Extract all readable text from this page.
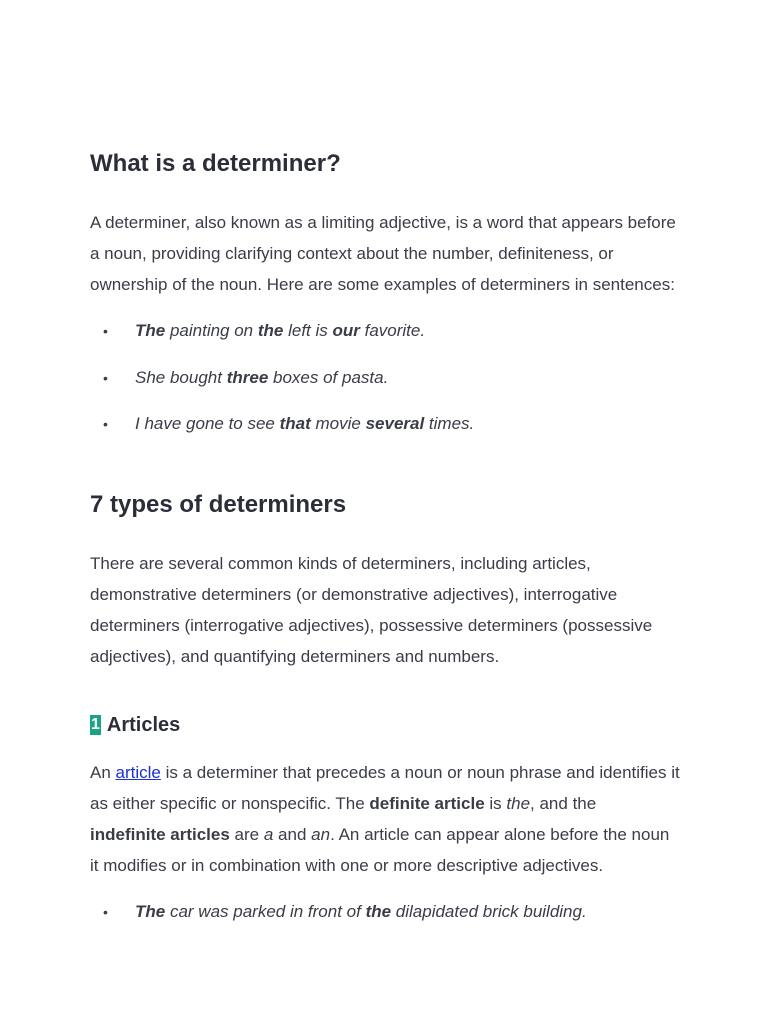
What is a determiner?

A determiner, also known as a limiting adjective, is a word that appears before a noun, providing clarifying context about the number, definiteness, or ownership of the noun. Here are some examples of determiners in sentences:

• The painting on the left is our favorite.
• She bought three boxes of pasta.
• I have gone to see that movie several times.
7 types of determiners

There are several common kinds of determiners, including articles, demonstrative determiners (or demonstrative adjectives), interrogative determiners (interrogative adjectives), possessive determiners (possessive adjectives), and quantifying determiners and numbers.

1 Articles

An article is a determiner that precedes a noun or noun phrase and identifies it as either specific or nonspecific. The definite article is the, and the
indefinite articles are a and an. An article can appear alone before the noun it modifies or in combination with one or more descriptive adjectives.

• The car was parked in front of the dilapidated brick building.
